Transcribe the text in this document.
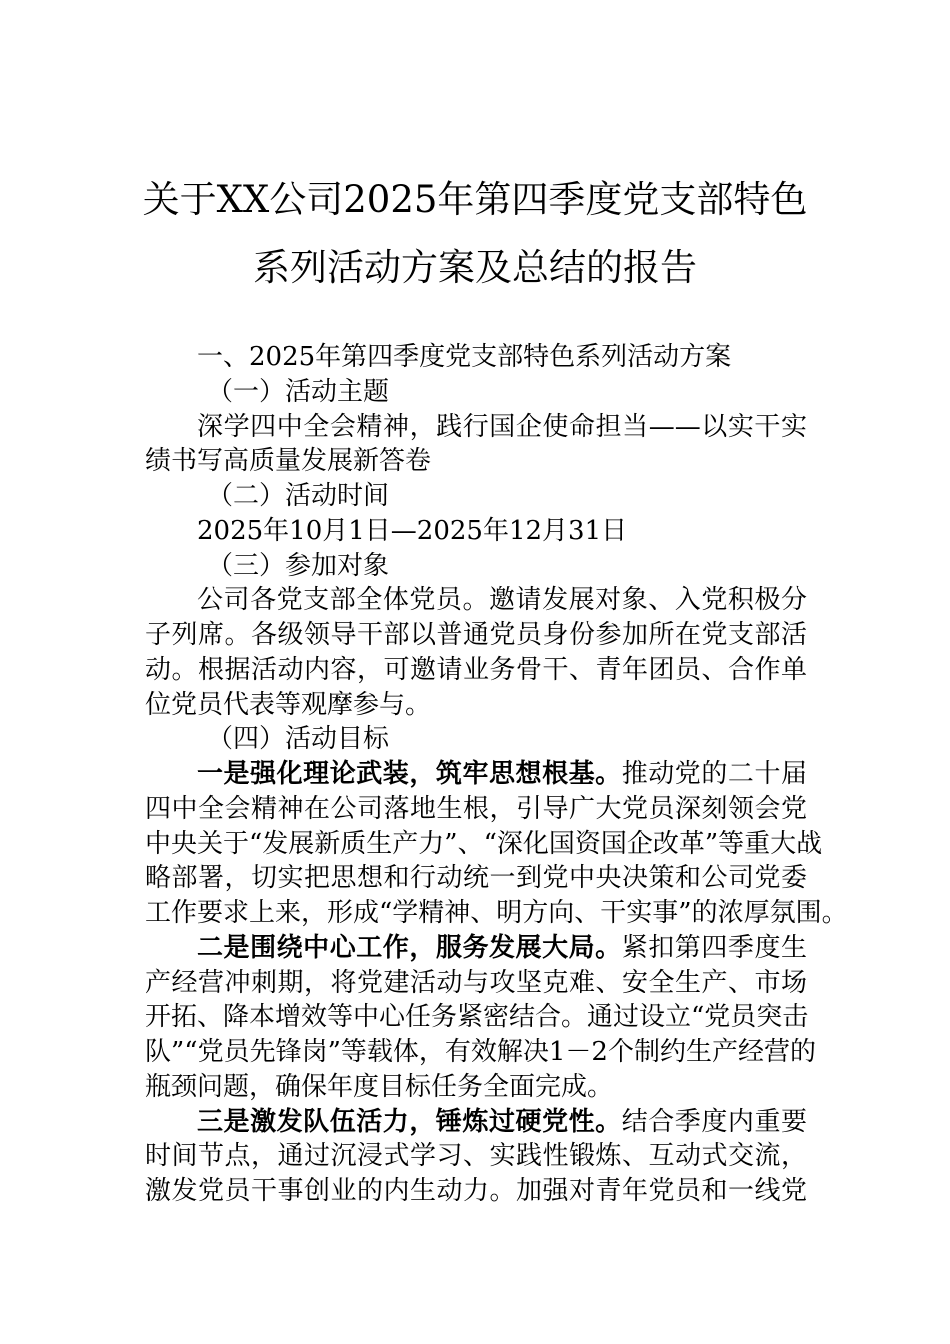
关于XX公司2025年第四季度党支部特色
系列活动方案及总结的报告
一、2025年第四季度党支部特色系列活动方案
（一）活动主题
深学四中全会精神，践行国企使命担当——以实干实
绩书写高质量发展新答卷
（二）活动时间
2025年10月1日—2025年12月31日
（三）参加对象
公司各党支部全体党员。邀请发展对象、入党积极分
子列席。各级领导干部以普通党员身份参加所在党支部活
动。根据活动内容，可邀请业务骨干、青年团员、合作单
位党员代表等观摩参与。
（四）活动目标
一是强化理论武装，筑牢思想根基。推动党的二十届
四中全会精神在公司落地生根，引导广大党员深刻领会党
中央关于“发展新质生产力”、“深化国资国企改革”等重大战
略部署，切实把思想和行动统一到党中央决策和公司党委
工作要求上来，形成“学精神、明方向、干实事”的浓厚氛围。
二是围绕中心工作，服务发展大局。紧扣第四季度生
产经营冲刺期，将党建活动与攻坚克难、安全生产、市场
开拓、降本增效等中心任务紧密结合。通过设立“党员突击
队”“党员先锋岗”等载体，有效解决1－2个制约生产经营的
瓶颈问题，确保年度目标任务全面完成。
三是激发队伍活力，锤炼过硬党性。结合季度内重要
时间节点，通过沉浸式学习、实践性锻炼、互动式交流，
激发党员干事创业的内生动力。加强对青年党员和一线党
